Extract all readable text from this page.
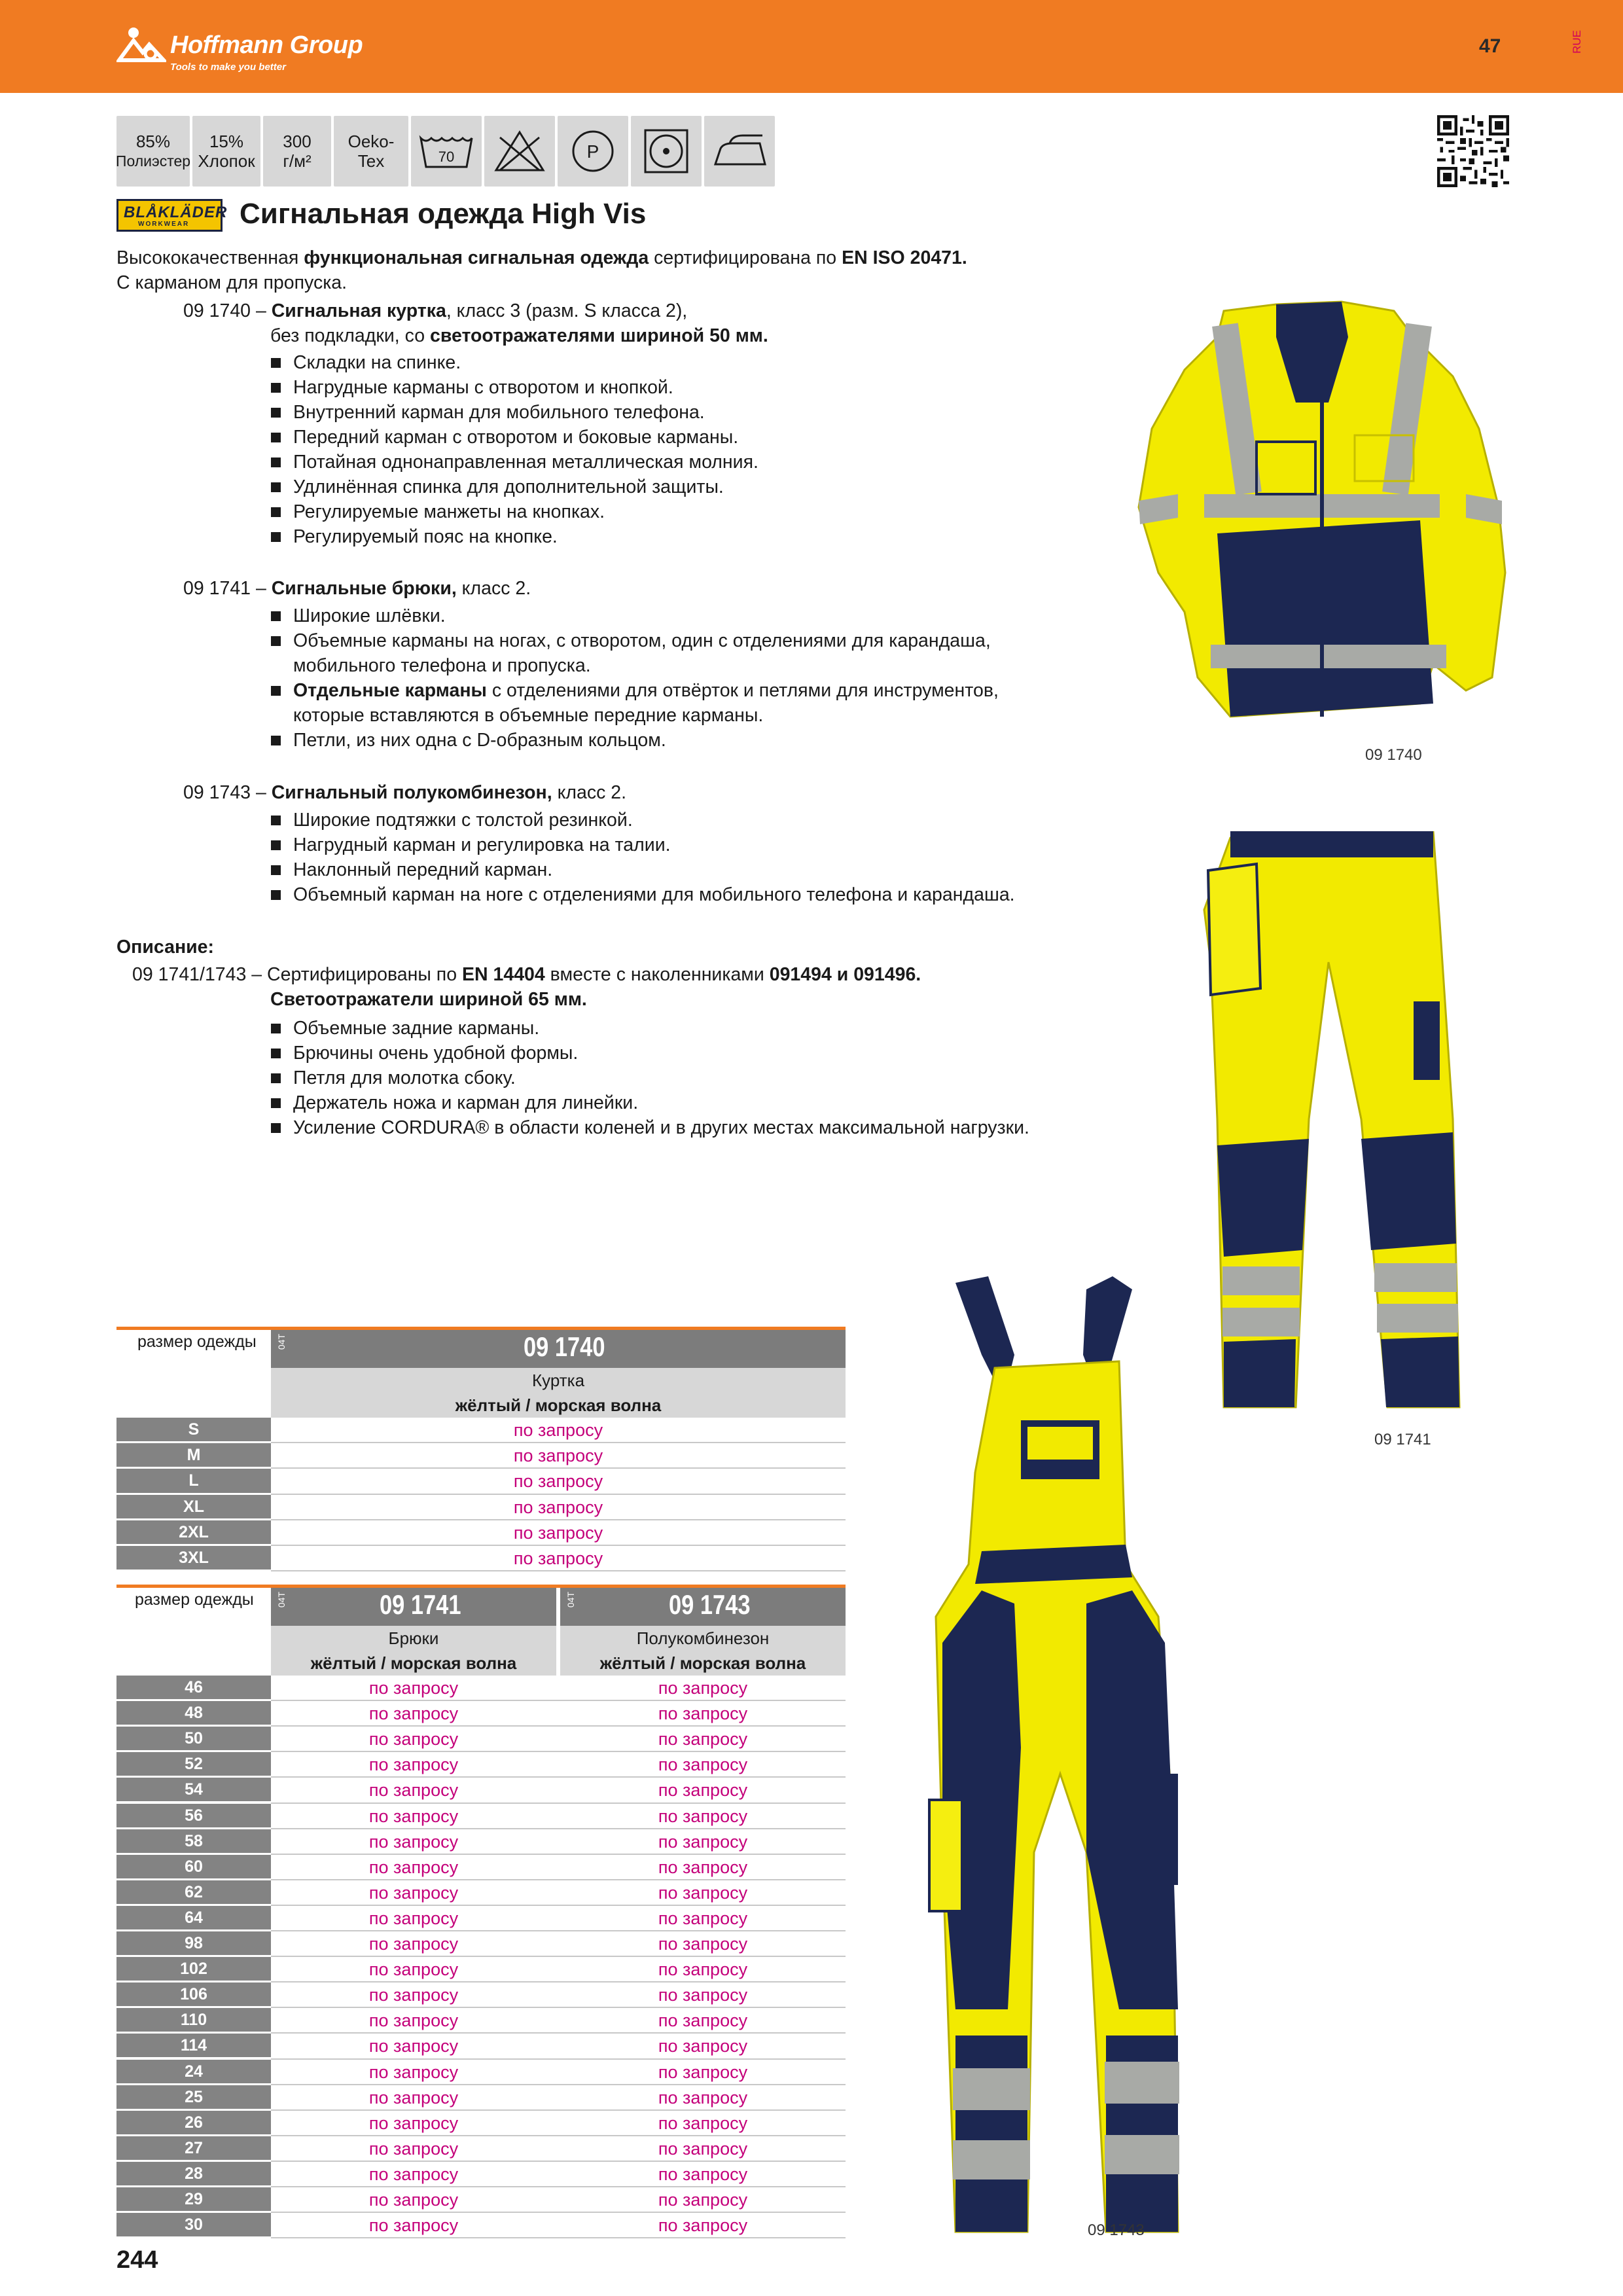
Hoffmann Group
Tools to make you better
47	RUE
85%
Полиэстер
15%
Хлопок
300
г/м²
Oeko-
Tex	70	P
BLÅKLÄDER
WORKWEAR Сигнальная одежда High Vis
Высококачественная функциональная сигнальная одежда сертифицирована по EN ISO 20471.
С карманом для пропуска.
09 1740 – Сигнальная куртка, класс 3 (разм. S класса 2),
без подкладки, со светоотражателями шириной 50 мм.
Складки на спинке.
Нагрудные карманы с отворотом и кнопкой.
Внутренний карман для мобильного телефона.
Передний карман с отворотом и боковые карманы.
Потайная однонаправленная металлическая молния.
Удлинённая спинка для дополнительной защиты.
Регулируемые манжеты на кнопках.
Регулируемый пояс на кнопке.
09 1741 – Сигнальные брюки, класс 2.
Широкие шлёвки.
Объемные карманы на ногах, с отворотом, один с отделениями для карандаша,
мобильного телефона и пропуска.
Отдельные карманы с отделениями для отвёрток и петлями для инструментов,
которые вставляются в объемные передние карманы.
Петли, из них одна с D-образным кольцом.
09 1743 – Сигнальный полукомбинезон, класс 2.
Широкие подтяжки с толстой резинкой.
Нагрудный карман и регулировка на талии.
Наклонный передний карман.
Объемный карман на ноге с отделениями для мобильного телефона и карандаша.
Описание:
09 1741/1743 – Сертифицированы по EN 14404 вместе с наколенниками 091494 и 091496.
Светоотражатели шириной 65 мм.
Объемные задние карманы.
Брючины очень удобной формы.
Петля для молотка сбоку.
Держатель ножа и карман для линейки.
Усиление CORDURA® в области коленей и в других местах максимальной нагрузки.
09 1740
09 1741
09 1743
размер одежды 04T	09 1740
Куртка
жёлтый / морская волна
S	по запросу
M	по запросу
L	по запросу
XL	по запросу
2XL	по запросу
3XL	по запросу
размер одежды 04T	04T
09 1741	09 1743
Брюки
жёлтый / морская волна
Полукомбинезон
жёлтый / морская волна
46	по запросу	по запросу
48	по запросу	по запросу
50	по запросу	по запросу
52	по запросу	по запросу
54	по запросу	по запросу
56	по запросу	по запросу
58	по запросу	по запросу
60	по запросу	по запросу
62	по запросу	по запросу
64	по запросу	по запросу
98	по запросу	по запросу
102	по запросу	по запросу
106	по запросу	по запросу
110	по запросу	по запросу
114	по запросу	по запросу
24	по запросу	по запросу
25	по запросу	по запросу
26	по запросу	по запросу
27	по запросу	по запросу
28	по запросу	по запросу
29	по запросу	по запросу
30	по запросу	по запросу
244
